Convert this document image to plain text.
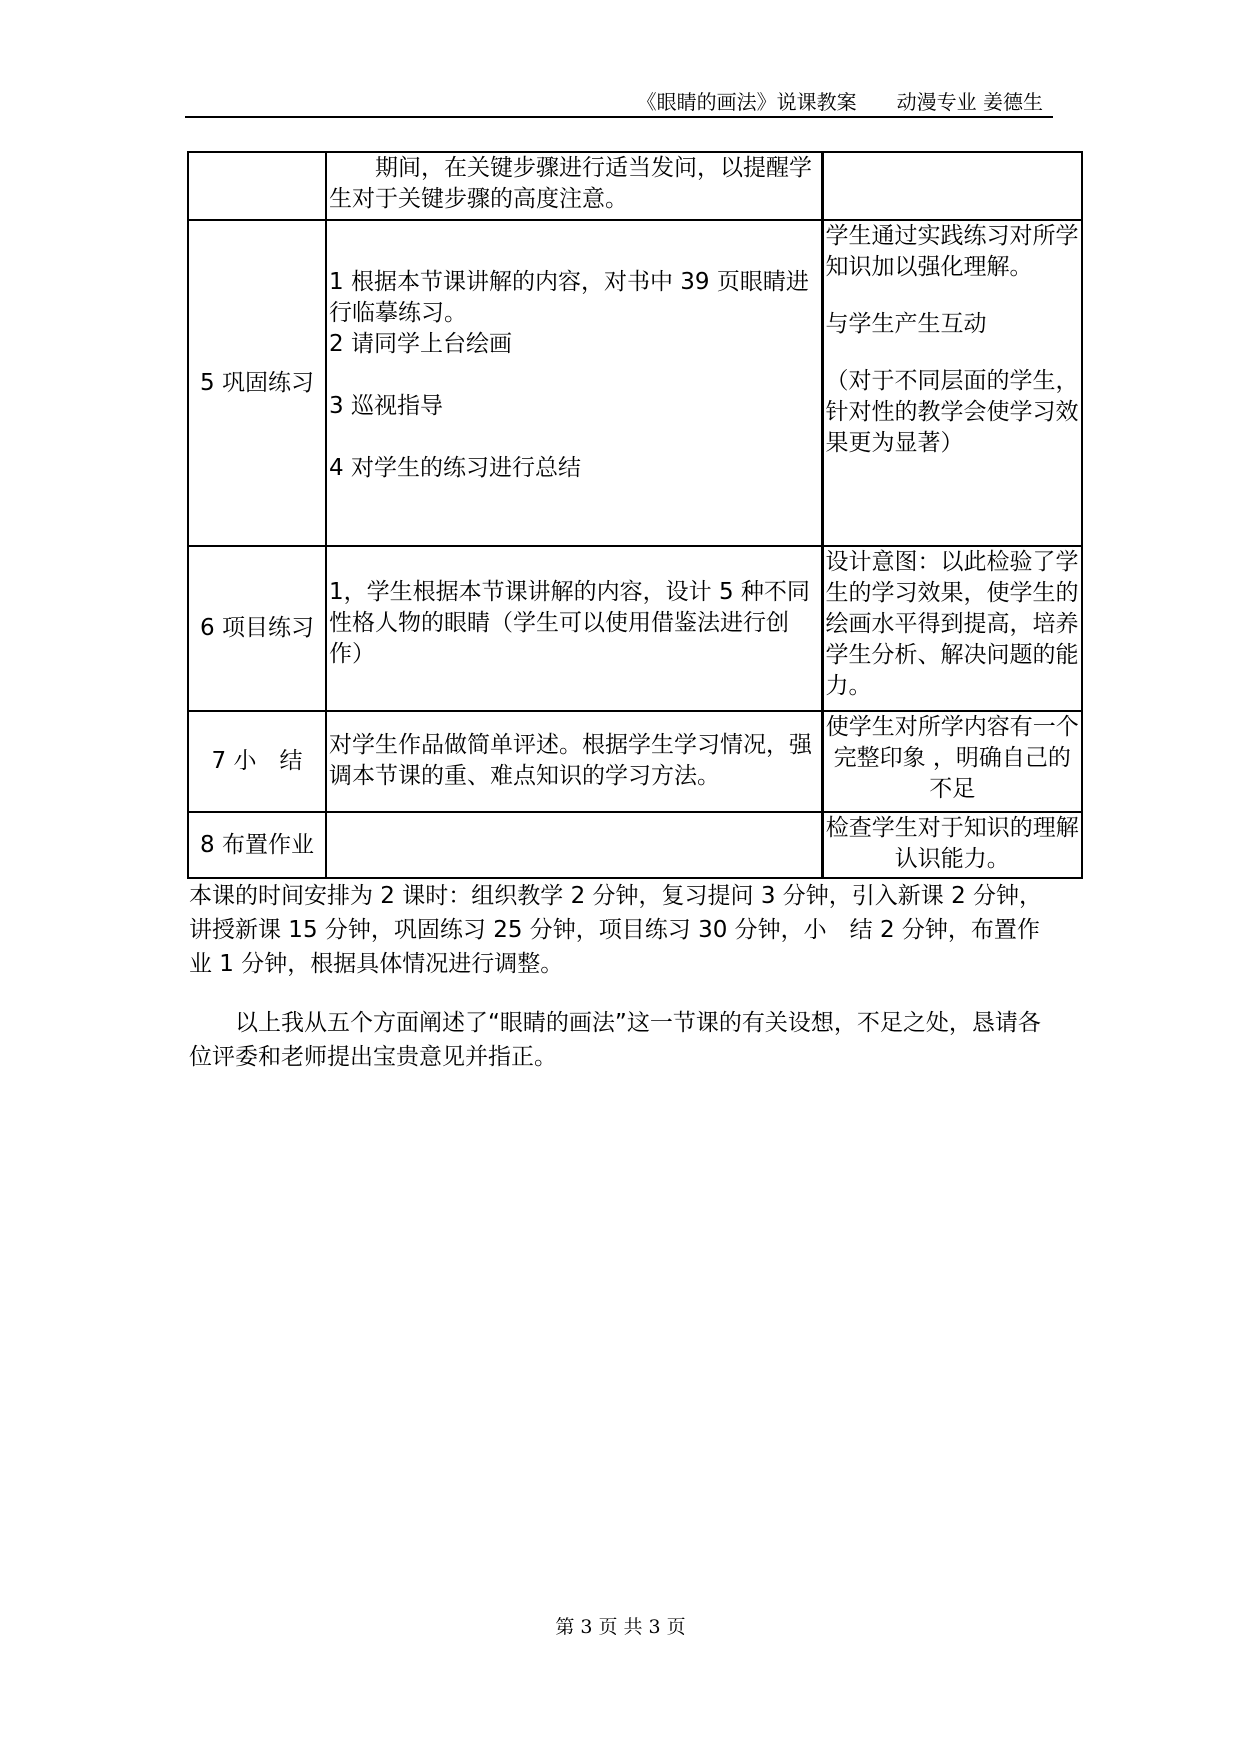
《眼睛的画法》说课教案　　动漫专业 姜德生

	　　期间，在关键步骤进行适当发问，以提醒学生对于关键步骤的高度注意。	

5 巩固练习	1 根据本节课讲解的内容，对书中 39 页眼睛进行临摹练习。
2 请同学上台绘画
3 巡视指导
4 对学生的练习进行总结	学生通过实践练习对所学知识加以强化理解。
与学生产生互动
（对于不同层面的学生，针对性的教学会使学习效果更为显著）

6 项目练习	1，学生根据本节课讲解的内容，设计 5 种不同性格人物的眼睛（学生可以使用借鉴法进行创作）	设计意图：以此检验了学生的学习效果，使学生的绘画水平得到提高，培养学生分析、解决问题的能力。

7 小　结	对学生作品做简单评述。根据学生学习情况，强调本节课的重、难点知识的学习方法。	使学生对所学内容有一个完整印象 ，明确自己的不足

8 布置作业		检查学生对于知识的理解认识能力。
本课的时间安排为 2 课时：组织教学 2 分钟，复习提问 3 分钟，引入新课 2 分钟，讲授新课 15 分钟，巩固练习 25 分钟，项目练习 30 分钟，小　结 2 分钟，布置作业 1 分钟，根据具体情况进行调整。
　　以上我从五个方面阐述了“眼睛的画法”这一节课的有关设想，不足之处，恳请各位评委和老师提出宝贵意见并指正。
第 3 页 共 3 页
